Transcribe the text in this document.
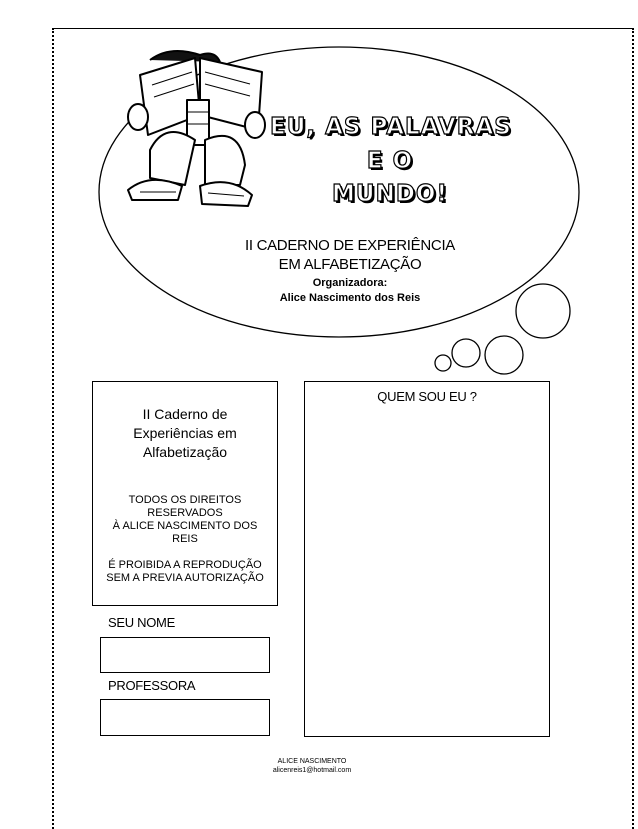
EU, AS PALAVRAS
E O
MUNDO!
II CADERNO DE EXPERIÊNCIA
EM ALFABETIZAÇÃO
Organizadora:
Alice Nascimento dos Reis
II Caderno de
Experiências em
Alfabetização
TODOS OS DIREITOS
RESERVADOS
À ALICE NASCIMENTO DOS
REIS
É PROIBIDA A REPRODUÇÃO
SEM A PREVIA AUTORIZAÇÃO
QUEM SOU EU ?
SEU NOME
PROFESSORA
ALICE NASCIMENTO
alicenreis1@hotmail.com
